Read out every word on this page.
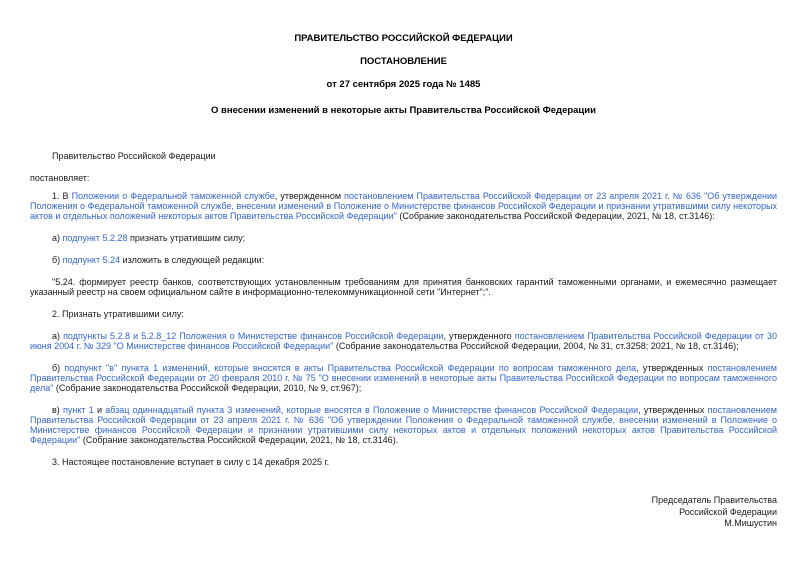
ПРАВИТЕЛЬСТВО РОССИЙСКОЙ ФЕДЕРАЦИИ
ПОСТАНОВЛЕНИЕ
от 27 сентября 2025 года № 1485
О внесении изменений в некоторые акты Правительства Российской Федерации

Правительство Российской Федерации

постановляет:

1. В Положении о Федеральной таможенной службе, утвержденном постановлением Правительства Российской Федерации от 23 апреля 2021 г. № 636 "Об утверждении Положения о Федеральной таможенной службе, внесении изменений в Положение о Министерстве финансов Российской Федерации и признании утратившими силу некоторых актов и отдельных положений некоторых актов Правительства Российской Федерации" (Собрание законодательства Российской Федерации, 2021, № 18, ст.3146):

а) подпункт 5.2.28 признать утратившим силу;

б) подпункт 5.24 изложить в следующей редакции:

"5.24. формирует реестр банков, соответствующих установленным требованиям для принятия банковских гарантий таможенными органами, и ежемесячно размещает указанный реестр на своем официальном сайте в информационно-телекоммуникационной сети "Интернет";".

2. Признать утратившими силу:

а) подпункты 5.2.8 и 5.2.8_12 Положения о Министерстве финансов Российской Федерации, утвержденного постановлением Правительства Российской Федерации от 30 июня 2004 г. № 329 "О Министерстве финансов Российской Федерации" (Собрание законодательства Российской Федерации, 2004, № 31, ст.3258; 2021, № 18, ст.3146);

б) подпункт "в" пункта 1 изменений, которые вносятся в акты Правительства Российской Федерации по вопросам таможенного дела, утвержденных постановлением Правительства Российской Федерации от 20 февраля 2010 г. № 75 "О внесении изменений в некоторые акты Правительства Российской Федерации по вопросам таможенного дела" (Собрание законодательства Российской Федерации, 2010, № 9, ст.967);

в) пункт 1 и абзац одиннадцатый пункта 3 изменений, которые вносятся в Положение о Министерстве финансов Российской Федерации, утвержденных постановлением Правительства Российской Федерации от 23 апреля 2021 г. № 636 "Об утверждении Положения о Федеральной таможенной службе, внесении изменений в Положение о Министерстве финансов Российской Федерации и признании утратившими силу некоторых актов и отдельных положений некоторых актов Правительства Российской Федерации" (Собрание законодательства Российской Федерации, 2021, № 18, ст.3146).

3. Настоящее постановление вступает в силу с 14 декабря 2025 г.

Председатель Правительства
Российской Федерации
М.Мишустин
